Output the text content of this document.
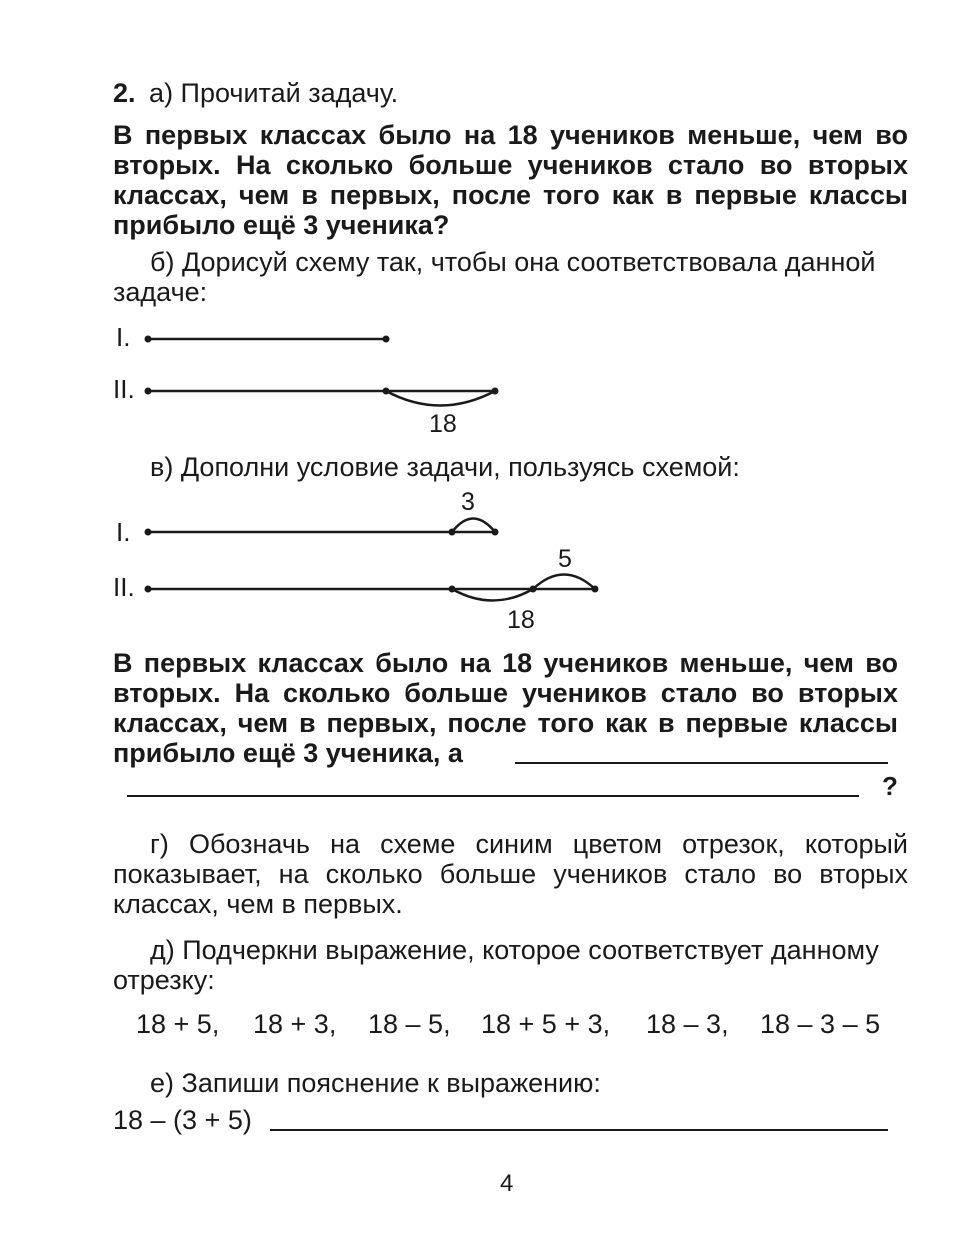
2. а) Прочитай задачу.
В первых классах было на 18 учеников меньше, чем во вторых. На сколько больше учеников стало во вторых классах, чем в первых, после того как в первые классы прибыло ещё 3 ученика?
б) Дорисуй схему так, чтобы она соответствовала данной задаче:
I.
II.
18
в) Дополни условие задачи, пользуясь схемой:
I.
3
II.
5
18
В первых классах было на 18 учеников меньше, чем во вторых. На сколько больше учеников стало во вторых классах, чем в первых, после того как в первые классы прибыло ещё 3 ученика, а
?
г) Обозначь на схеме синим цветом отрезок, который показывает, на сколько больше учеников стало во вторых классах, чем в первых.
д) Подчеркни выражение, которое соответствует данному отрезку:
18 + 5, 18 + 3, 18 – 5, 18 + 5 + 3, 18 – 3, 18 – 3 – 5
е) Запиши пояснение к выражению:
18 – (3 + 5)
4
